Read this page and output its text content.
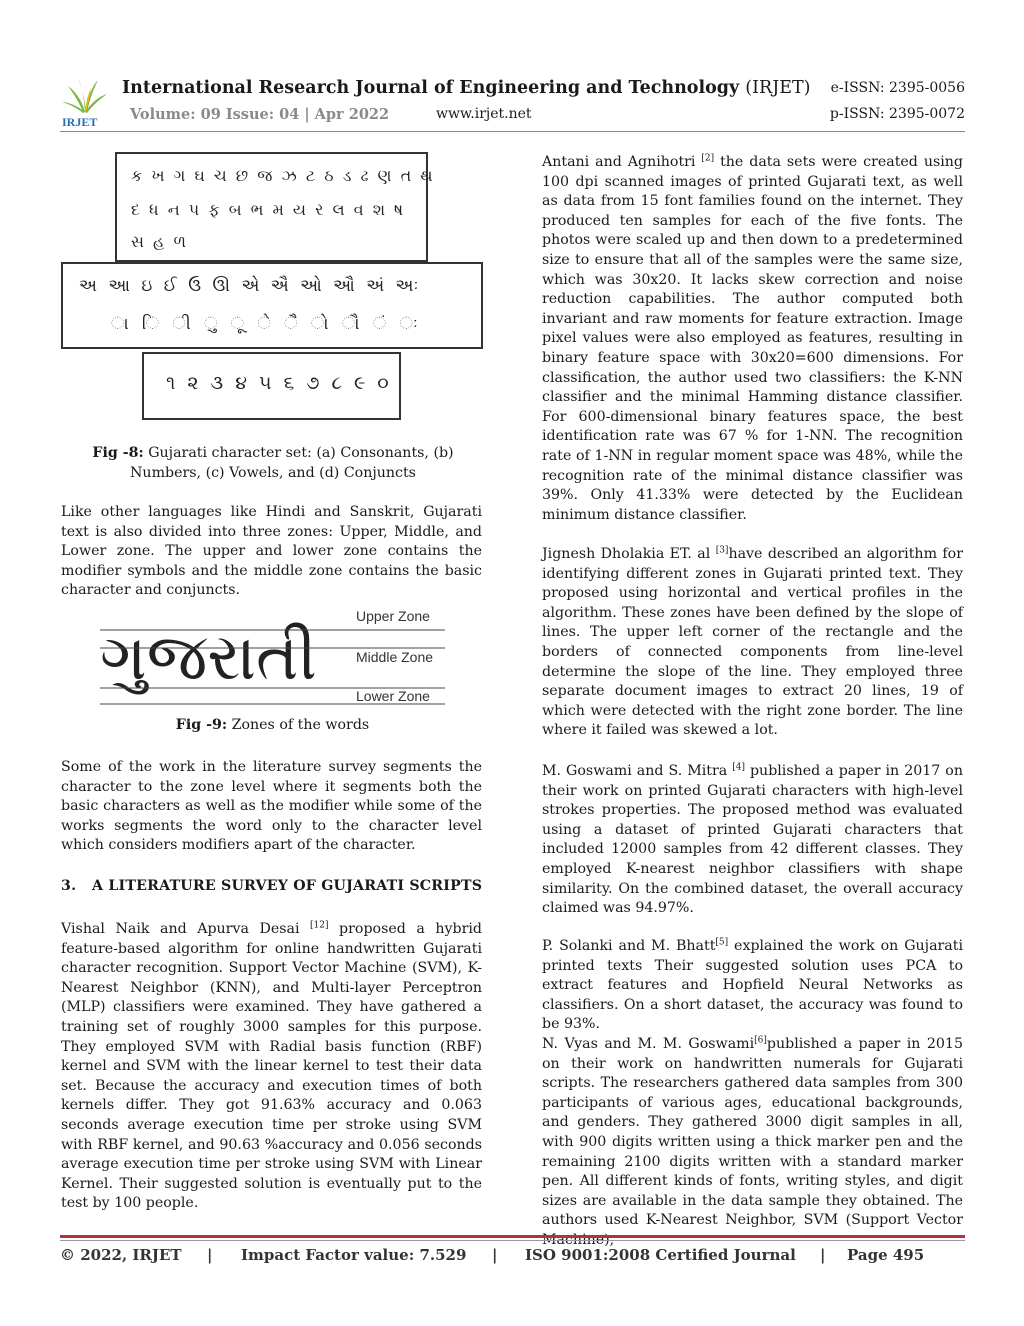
IRJET
International Research Journal of Engineering and Technology (IRJET) e-ISSN: 2395-0056
Volume: 09 Issue: 04 | Apr 2022	www.irjet.net	p-ISSN: 2395-0072
ક ખ ગ ઘ ચ છ જ ઝ ટ ઠ ડ ઢ ણ ત થ
દ ધ ન પ ફ બ ભ મ ય ર લ વ શ ષ
સ હ ળ
અ આ ઇ ઈ ઉ ઊ એ ઐ ઓ ઔ અં અઃ
ા િ ી ુ ૂ ે ૈ ો ૌ ં ઃ
૧ ૨ ૩ ૪ ૫ ૬ ૭ ૮ ૯ ૦
Fig -8: Gujarati character set: (a) Consonants, (b) Numbers, (c) Vowels, and (d) Conjuncts

Like other languages like Hindi and Sanskrit, Gujarati text is also divided into three zones: Upper, Middle, and Lower zone. The upper and lower zone contains the modifier symbols and the middle zone contains the basic character and conjuncts.

ગુજરાતી
Upper Zone
Middle Zone
Lower Zone
Fig -9: Zones of the words

Some of the work in the literature survey segments the character to the zone level where it segments both the basic characters as well as the modifier while some of the works segments the word only to the character level which considers modifiers apart of the character.

3. A LITERATURE SURVEY OF GUJARATI SCRIPTS

Vishal Naik and Apurva Desai [12] proposed a hybrid feature-based algorithm for online handwritten Gujarati character recognition. Support Vector Machine (SVM), K-Nearest Neighbor (KNN), and Multi-layer Perceptron (MLP) classifiers were examined. They have gathered a training set of roughly 3000 samples for this purpose. They employed SVM with Radial basis function (RBF) kernel and SVM with the linear kernel to test their data set. Because the accuracy and execution times of both kernels differ. They got 91.63% accuracy and 0.063 seconds average execution time per stroke using SVM with RBF kernel, and 90.63 %accuracy and 0.056 seconds average execution time per stroke using SVM with Linear Kernel. Their suggested solution is eventually put to the test by 100 people.

Antani and Agnihotri [2] the data sets were created using 100 dpi scanned images of printed Gujarati text, as well as data from 15 font families found on the internet. They produced ten samples for each of the five fonts. The photos were scaled up and then down to a predetermined size to ensure that all of the samples were the same size, which was 30x20. It lacks skew correction and noise reduction capabilities. The author computed both invariant and raw moments for feature extraction. Image pixel values were also employed as features, resulting in binary feature space with 30x20=600 dimensions. For classification, the author used two classifiers: the K-NN classifier and the minimal Hamming distance classifier. For 600-dimensional binary features space, the best identification rate was 67 % for 1-NN. The recognition rate of 1-NN in regular moment space was 48%, while the recognition rate of the minimal distance classifier was 39%. Only 41.33% were detected by the Euclidean minimum distance classifier.

Jignesh Dholakia ET. al [3]have described an algorithm for identifying different zones in Gujarati printed text. They proposed using horizontal and vertical profiles in the algorithm. These zones have been defined by the slope of lines. The upper left corner of the rectangle and the borders of connected components from line-level determine the slope of the line. They employed three separate document images to extract 20 lines, 19 of which were detected with the right zone border. The line where it failed was skewed a lot.

M. Goswami and S. Mitra [4] published a paper in 2017 on their work on printed Gujarati characters with high-level strokes properties. The proposed method was evaluated using a dataset of printed Gujarati characters that included 12000 samples from 42 different classes. They employed K-nearest neighbor classifiers with shape similarity. On the combined dataset, the overall accuracy claimed was 94.97%.

P. Solanki and M. Bhatt[5] explained the work on Gujarati printed texts Their suggested solution uses PCA to extract features and Hopfield Neural Networks as classifiers. On a short dataset, the accuracy was found to be 93%.

N. Vyas and M. M. Goswami[6]published a paper in 2015 on their work on handwritten numerals for Gujarati scripts. The researchers gathered data samples from 300 participants of various ages, educational backgrounds, and genders. They gathered 3000 digit samples in all, with 900 digits written using a thick marker pen and the remaining 2100 digits written with a standard marker pen. All different kinds of fonts, writing styles, and digit sizes are available in the data sample they obtained. The authors used K-Nearest Neighbor, SVM (Support Vector

© 2022, IRJET | Impact Factor value: 7.529 | ISO 9001:2008 Certified Journal | Page 495
